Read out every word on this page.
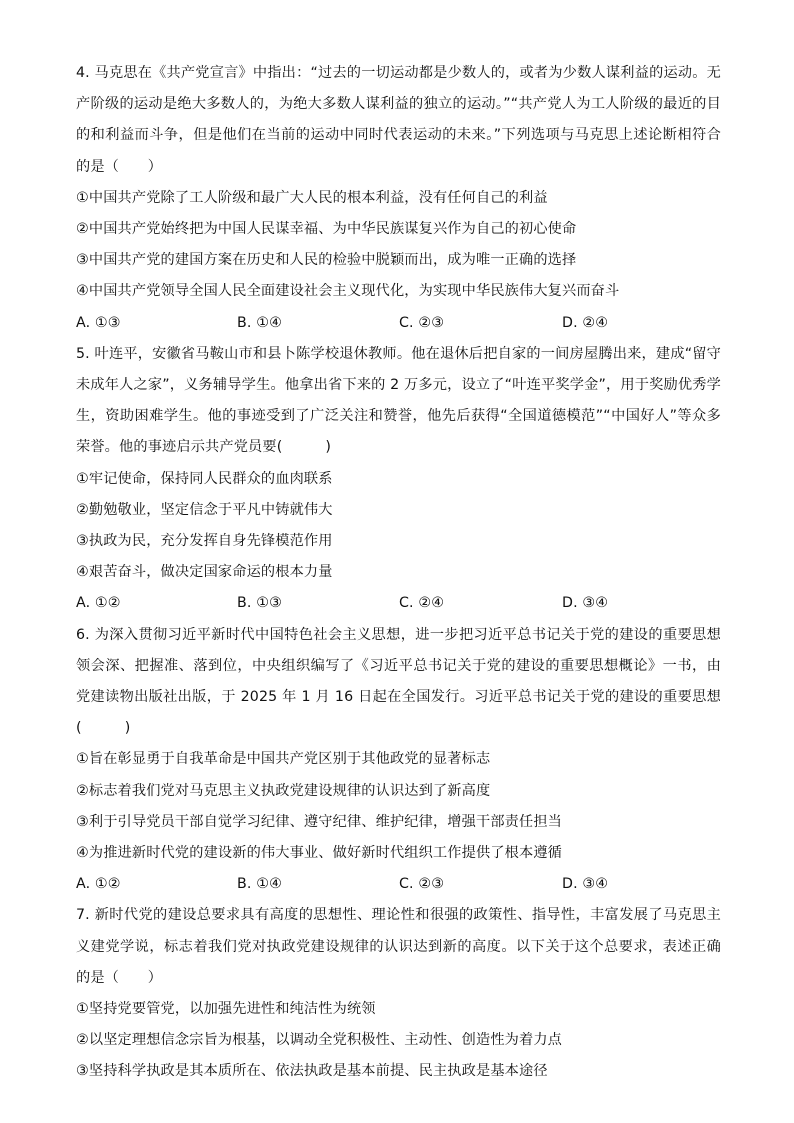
4. 马克思在《共产党宣言》中指出：“过去的一切运动都是少数人的，或者为少数人谋利益的运动。无产阶级的运动是绝大多数人的，为绝大多数人谋利益的独立的运动。”“共产党人为工人阶级的最近的目的和利益而斗争，但是他们在当前的运动中同时代表运动的未来。”下列选项与马克思上述论断相符合的是（　　）

①中国共产党除了工人阶级和最广大人民的根本利益，没有任何自己的利益

②中国共产党始终把为中国人民谋幸福、为中华民族谋复兴作为自己的初心使命

③中国共产党的建国方案在历史和人民的检验中脱颖而出，成为唯一正确的选择

④中国共产党领导全国人民全面建设社会主义现代化，为实现中华民族伟大复兴而奋斗

A. ①③	B. ①④	C. ②③	D. ②④

5. 叶连平，安徽省马鞍山市和县卜陈学校退休教师。他在退休后把自家的一间房屋腾出来，建成“留守未成年人之家”，义务辅导学生。他拿出省下来的 2 万多元，设立了“叶连平奖学金”，用于奖励优秀学生，资助困难学生。他的事迹受到了广泛关注和赞誉，他先后获得“全国道德模范”“中国好人”等众多荣誉。他的事迹启示共产党员要(　　　)

①牢记使命，保持同人民群众的血肉联系

②勤勉敬业，坚定信念于平凡中铸就伟大

③执政为民，充分发挥自身先锋模范作用

④艰苦奋斗，做决定国家命运的根本力量

A. ①②	B. ①③	C. ②④	D. ③④

6. 为深入贯彻习近平新时代中国特色社会主义思想，进一步把习近平总书记关于党的建设的重要思想领会深、把握准、落到位，中央组织编写了《习近平总书记关于党的建设的重要思想概论》一书，由党建读物出版社出版，于 2025 年 1 月 16 日起在全国发行。习近平总书记关于党的建设的重要思想(　　　)

①旨在彰显勇于自我革命是中国共产党区别于其他政党的显著标志

②标志着我们党对马克思主义执政党建设规律的认识达到了新高度

③利于引导党员干部自觉学习纪律、遵守纪律、维护纪律，增强干部责任担当

④为推进新时代党的建设新的伟大事业、做好新时代组织工作提供了根本遵循

A. ①②	B. ①④	C. ②③	D. ③④

7. 新时代党的建设总要求具有高度的思想性、理论性和很强的政策性、指导性，丰富发展了马克思主义建党学说，标志着我们党对执政党建设规律的认识达到新的高度。以下关于这个总要求，表述正确的是（　　）

①坚持党要管党，以加强先进性和纯洁性为统领

②以坚定理想信念宗旨为根基，以调动全党积极性、主动性、创造性为着力点

③坚持科学执政是其本质所在、依法执政是基本前提、民主执政是基本途径
